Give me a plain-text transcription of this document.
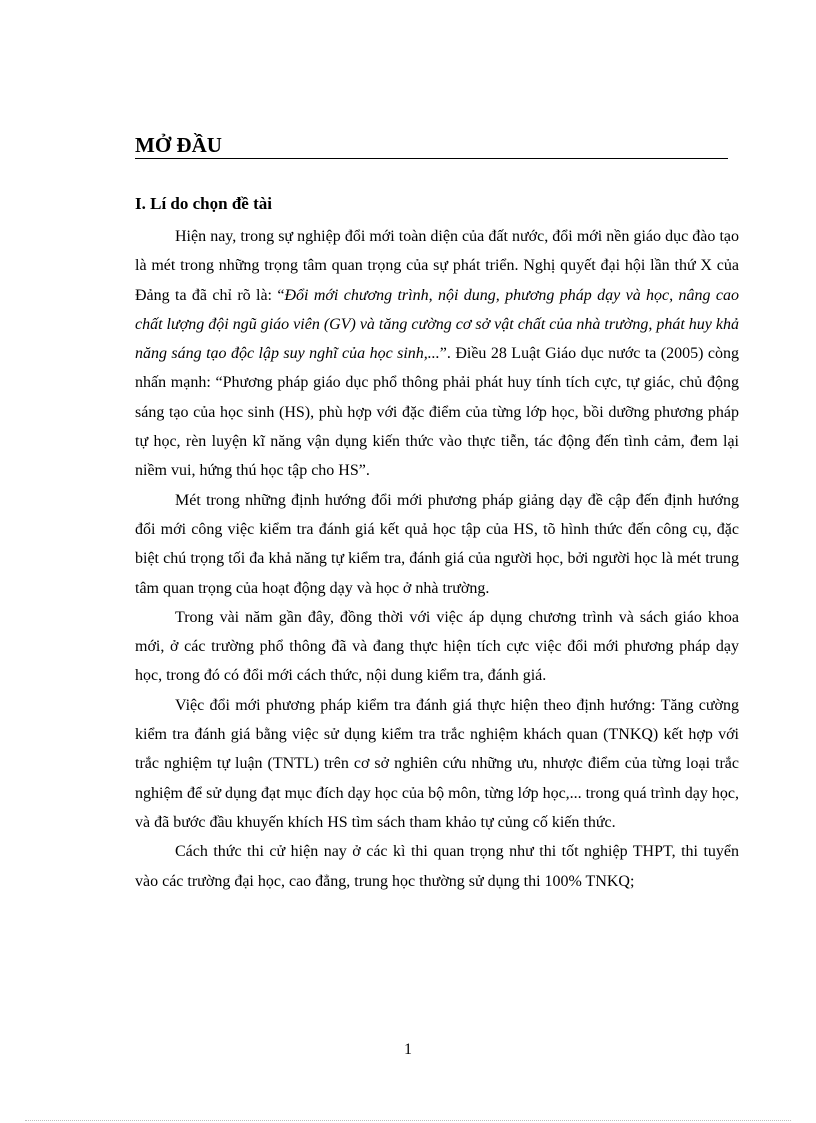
MỞ ĐẦU
I. Lí do chọn đề tài

Hiện nay, trong sự nghiệp đổi mới toàn diện của đất nước, đổi mới nền giáo dục đào tạo là mét trong những trọng tâm quan trọng của sự phát triển. Nghị quyết đại hội lần thứ X của Đảng ta đã chỉ rõ là: “Đổi mới chương trình, nội dung, phương pháp dạy và học, nâng cao chất lượng đội ngũ giáo viên (GV) và tăng cường cơ sở vật chất của nhà trường, phát huy khả năng sáng tạo độc lập suy nghĩ của học sinh,...”. Điều 28 Luật Giáo dục nước ta (2005) còng nhấn mạnh: “Phương pháp giáo dục phổ thông phải phát huy tính tích cực, tự giác, chủ động sáng tạo của học sinh (HS), phù hợp với đặc điểm của từng lớp học, bồi dưỡng phương pháp tự học, rèn luyện kĩ năng vận dụng kiến thức vào thực tiễn, tác động đến tình cảm, đem lại niềm vui, hứng thú học tập cho HS”.

Mét trong những định hướng đổi mới phương pháp giảng dạy đề cập đến định hướng đổi mới công việc kiểm tra đánh giá kết quả học tập của HS, tõ hình thức đến công cụ, đặc biệt chú trọng tối đa khả năng tự kiểm tra, đánh giá của người học, bởi người học là mét trung tâm quan trọng của hoạt động dạy và học ở nhà trường.

Trong vài năm gần đây, đồng thời với việc áp dụng chương trình và sách giáo khoa mới, ở các trường phổ thông đã và đang thực hiện tích cực việc đổi mới phương pháp dạy học, trong đó có đổi mới cách thức, nội dung kiểm tra, đánh giá.

Việc đổi mới phương pháp kiểm tra đánh giá thực hiện theo định hướng: Tăng cường kiểm tra đánh giá bằng việc sử dụng kiểm tra trắc nghiệm khách quan (TNKQ) kết hợp với trắc nghiệm tự luận (TNTL) trên cơ sở nghiên cứu những ưu, nhược điểm của từng loại trắc nghiệm để sử dụng đạt mục đích dạy học của bộ môn, từng lớp học,... trong quá trình dạy học, và đã bước đầu khuyến khích HS tìm sách tham khảo tự củng cố kiến thức.

Cách thức thi cử hiện nay ở các kì thi quan trọng như thi tốt nghiệp THPT, thi tuyển vào các trường đại học, cao đẳng, trung học thường sử dụng thi 100% TNKQ;

1
